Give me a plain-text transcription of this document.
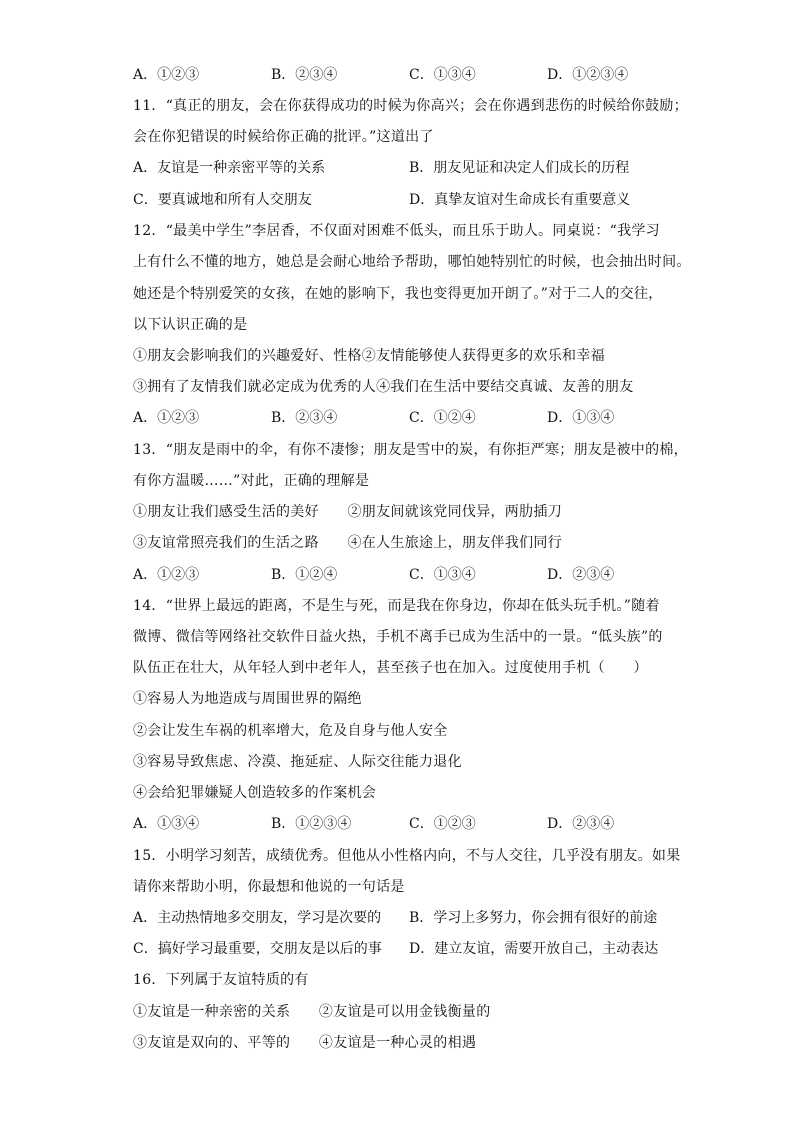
A．①②③	B．②③④	C．①③④	D．①②③④
11．“真正的朋友，会在你获得成功的时候为你高兴；会在你遇到悲伤的时候给你鼓励；
会在你犯错误的时候给你正确的批评。”这道出了
A．友谊是一种亲密平等的关系	B．朋友见证和决定人们成长的历程
C．要真诚地和所有人交朋友	D．真挚友谊对生命成长有重要意义
12．“最美中学生”李居香，不仅面对困难不低头，而且乐于助人。同桌说：“我学习
上有什么不懂的地方，她总是会耐心地给予帮助，哪怕她特别忙的时候，也会抽出时间。
她还是个特别爱笑的女孩，在她的影响下，我也变得更加开朗了。”对于二人的交往，
以下认识正确的是
①朋友会影响我们的兴趣爱好、性格②友情能够使人获得更多的欢乐和幸福
③拥有了友情我们就必定成为优秀的人④我们在生活中要结交真诚、友善的朋友
A．①②③	B．②③④	C．①②④	D．①③④
13．“朋友是雨中的伞，有你不凄惨；朋友是雪中的炭，有你拒严寒；朋友是被中的棉，
有你方温暖……”对此，正确的理解是
①朋友让我们感受生活的美好　　②朋友间就该党同伐异，两肋插刀
③友谊常照亮我们的生活之路　　④在人生旅途上，朋友伴我们同行
A．①②③	B．①②④	C．①③④	D．②③④
14．“世界上最远的距离，不是生与死，而是我在你身边，你却在低头玩手机。”随着
微博、微信等网络社交软件日益火热，手机不离手已成为生活中的一景。“低头族”的
队伍正在壮大，从年轻人到中老年人，甚至孩子也在加入。过度使用手机（　　）
①容易人为地造成与周围世界的隔绝
②会让发生车祸的机率增大，危及自身与他人安全
③容易导致焦虑、冷漠、拖延症、人际交往能力退化
④会给犯罪嫌疑人创造较多的作案机会
A．①③④	B．①②③④	C．①②③	D．②③④
15．小明学习刻苦，成绩优秀。但他从小性格内向，不与人交往，几乎没有朋友。如果
请你来帮助小明，你最想和他说的一句话是
A．主动热情地多交朋友，学习是次要的 B．学习上多努力，你会拥有很好的前途
C．搞好学习最重要，交朋友是以后的事 D．建立友谊，需要开放自己，主动表达
16．下列属于友谊特质的有
①友谊是一种亲密的关系　　②友谊是可以用金钱衡量的
③友谊是双向的、平等的　　④友谊是一种心灵的相遇
